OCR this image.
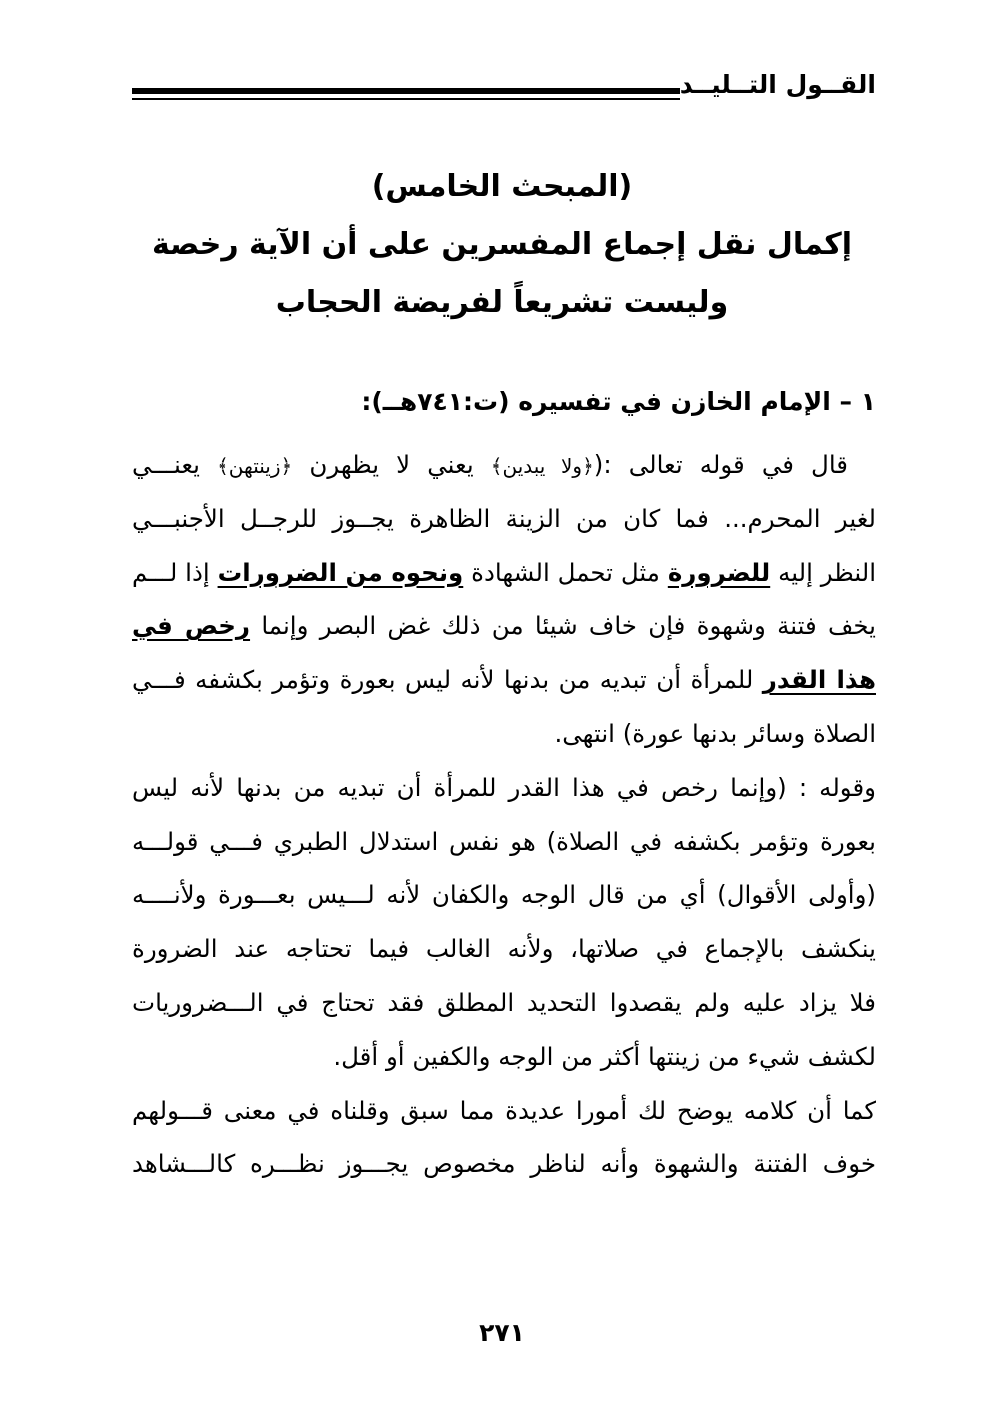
القــول التــليــد
(المبحث الخامس)
إكمال نقل إجماع المفسرين على أن الآية رخصة
وليست تشريعاً لفريضة الحجاب
١ – الإمام الخازن في تفسيره (ت:٧٤١هــ):
قال في قوله تعالى :(﴿ولا يبدين﴾ يعني لا يظهرن ﴿زينتهن﴾ يعنـــي
لغير المحرم... فما كان من الزينة الظاهرة يجــوز للرجــل الأجنبـــي
النظر إليه للضرورة مثل تحمل الشهادة ونحوه من الضرورات إذا لـــم
يخف فتنة وشهوة فإن خاف شيئا من ذلك غض البصر وإنما رخص في
هذا القدر للمرأة أن تبديه من بدنها لأنه ليس بعورة وتؤمر بكشفه فـــي
الصلاة وسائر بدنها عورة) انتهى.
وقوله : (وإنما رخص في هذا القدر للمرأة أن تبديه من بدنها لأنه ليس
بعورة وتؤمر بكشفه في الصلاة) هو نفس استدلال الطبري فـــي قولـــه
(وأولى الأقوال) أي من قال الوجه والكفان لأنه لـــيس بعـــورة ولأنــــه
ينكشف بالإجماع في صلاتها، ولأنه الغالب فيما تحتاجه عند الضرورة
فلا يزاد عليه ولم يقصدوا التحديد المطلق فقد تحتاج في الـــضروريات
لكشف شيء من زينتها أكثر من الوجه والكفين أو أقل.
كما أن كلامه يوضح لك أمورا عديدة مما سبق وقلناه في معنى قـــولهم
خوف الفتنة والشهوة وأنه لناظر مخصوص يجـــوز نظـــره كالـــشاهد
٢٧١
